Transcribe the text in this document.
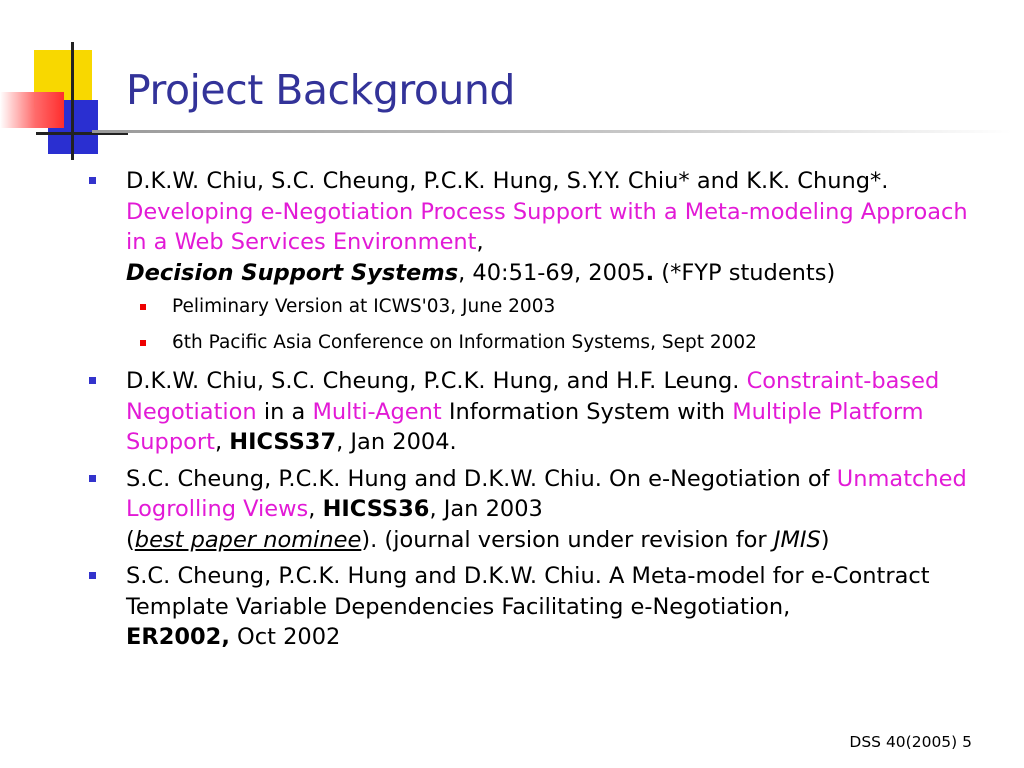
Project Background
D.K.W. Chiu, S.C. Cheung, P.C.K. Hung, S.Y.Y. Chiu* and K.K. Chung*. Developing e-Negotiation Process Support with a Meta-modeling Approach in a Web Services Environment,
Decision Support Systems, 40:51-69, 2005. (*FYP students)
Peliminary Version at ICWS'03, June 2003
6th Pacific Asia Conference on Information Systems, Sept 2002
D.K.W. Chiu, S.C. Cheung, P.C.K. Hung, and H.F. Leung. Constraint-based Negotiation in a Multi-Agent Information System with Multiple Platform Support, HICSS37, Jan 2004.
S.C. Cheung, P.C.K. Hung and D.K.W. Chiu. On e-Negotiation of Unmatched Logrolling Views, HICSS36, Jan 2003
(best paper nominee). (journal version under revision for JMIS)
S.C. Cheung, P.C.K. Hung and D.K.W. Chiu. A Meta-model for e-Contract Template Variable Dependencies Facilitating e-Negotiation,
ER2002, Oct 2002
DSS 40(2005) 5
